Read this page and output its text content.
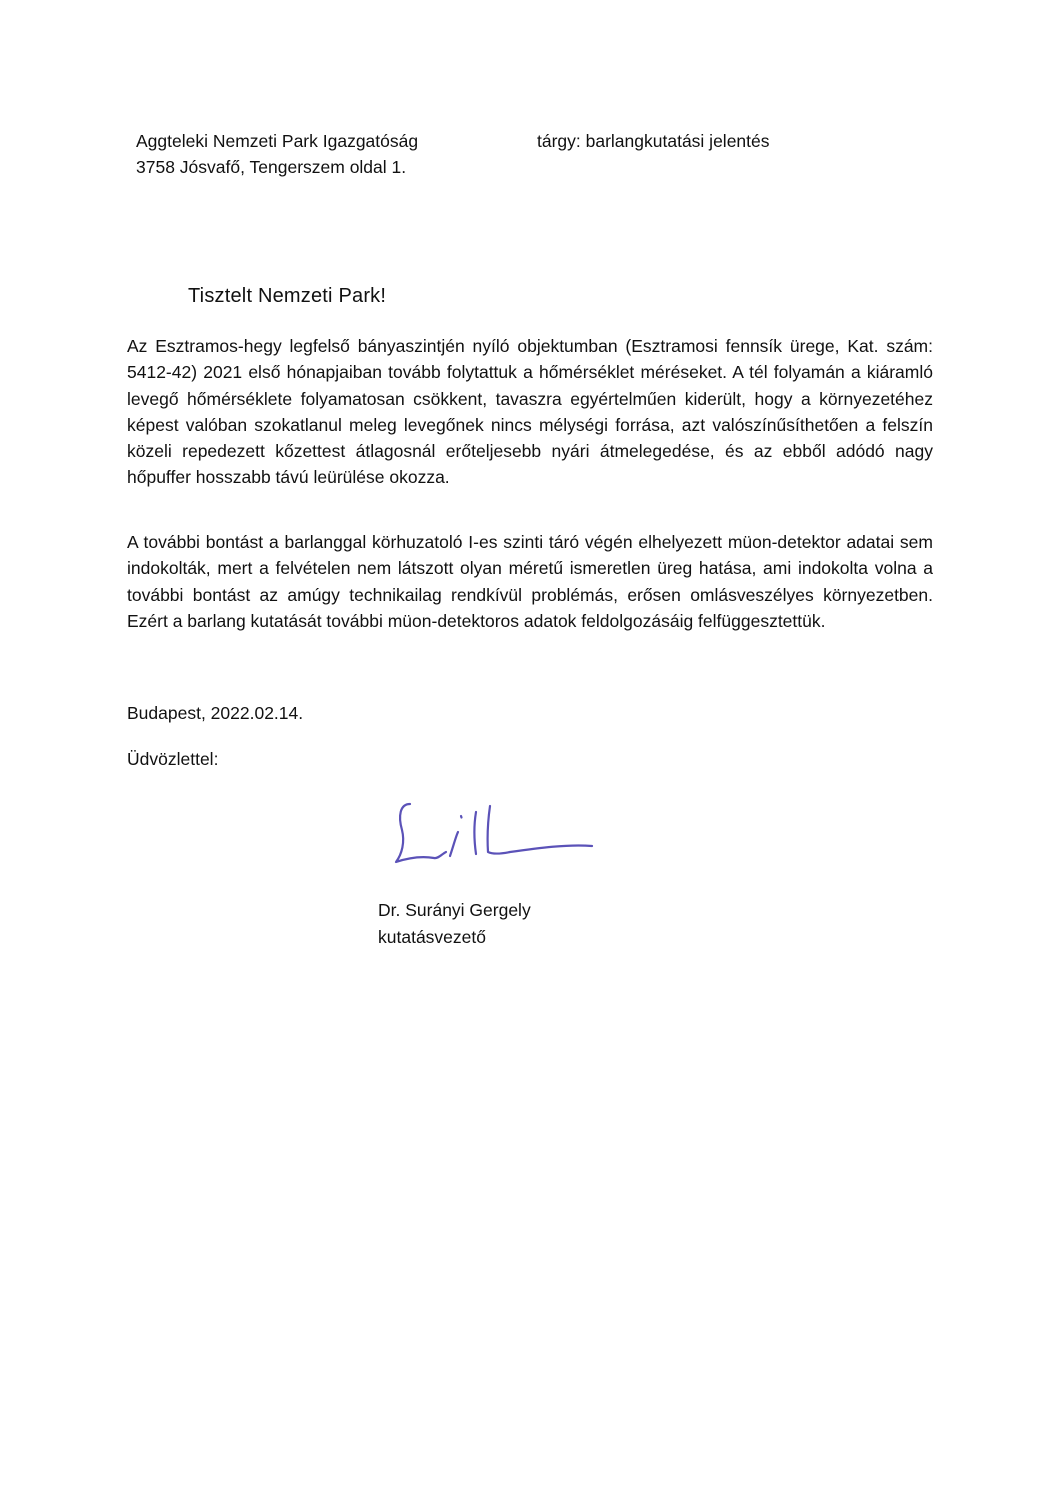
Aggteleki Nemzeti Park Igazgatóság
3758 Jósvafő, Tengerszem oldal 1.
tárgy: barlangkutatási jelentés
Tisztelt Nemzeti Park!

Az Esztramos-hegy legfelső bányaszintjén nyíló objektumban (Esztramosi fennsík ürege, Kat. szám: 5412-42) 2021 első hónapjaiban tovább folytattuk a hőmérséklet méréseket. A tél folyamán a kiáramló levegő hőmérséklete folyamatosan csökkent, tavaszra egyértelműen kiderült, hogy a környezetéhez képest valóban szokatlanul meleg levegőnek nincs mélységi forrása, azt valószínűsíthetően a felszín közeli repedezett kőzettest átlagosnál erőteljesebb nyári átmelegedése, és az ebből adódó nagy hőpuffer hosszabb távú leürülése okozza.

A további bontást a barlanggal körhuzatoló I-es szinti táró végén elhelyezett müon-detektor adatai sem indokolták, mert a felvételen nem látszott olyan méretű ismeretlen üreg hatása, ami indokolta volna a további bontást az amúgy technikailag rendkívül problémás, erősen omlásveszélyes környezetben. Ezért a barlang kutatását további müon-detektoros adatok feldolgozásáig felfüggesztettük.

Budapest, 2022.02.14.

Üdvözlettel:

Dr. Surányi Gergely
kutatásvezető
